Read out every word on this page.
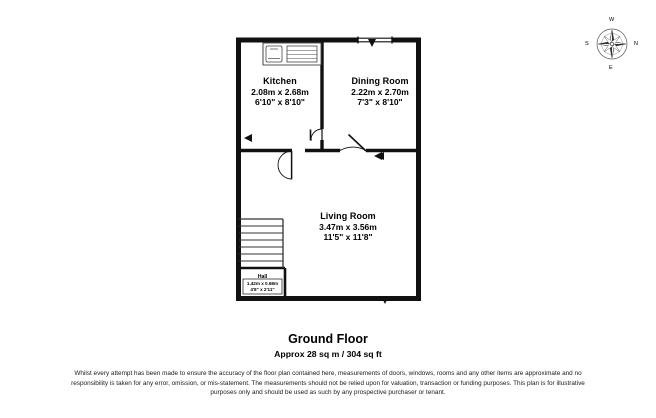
N
S
E
W
Kitchen
2.08m x 2.68m
6'10" x 8'10"
Dining Room
2.22m x 2.70m
7'3" x 8'10"
Living Room
3.47m x 3.56m
11'5" x 11'8"
Hall
1.42m x 0.68m
4'8" x 2'11"
Ground Floor
Approx 28 sq m / 304 sq ft
Whilst every attempt has been made to ensure the accuracy of the floor plan contained here, measurements of doors, windows, rooms and any other items are approximate and no responsibility is taken for any error, omission, or mis-statement. The measurements should not be relied upon for valuation, transaction or funding purposes. This plan is for illustrative purposes only and should be used as such by any prospective purchaser or tenant.
